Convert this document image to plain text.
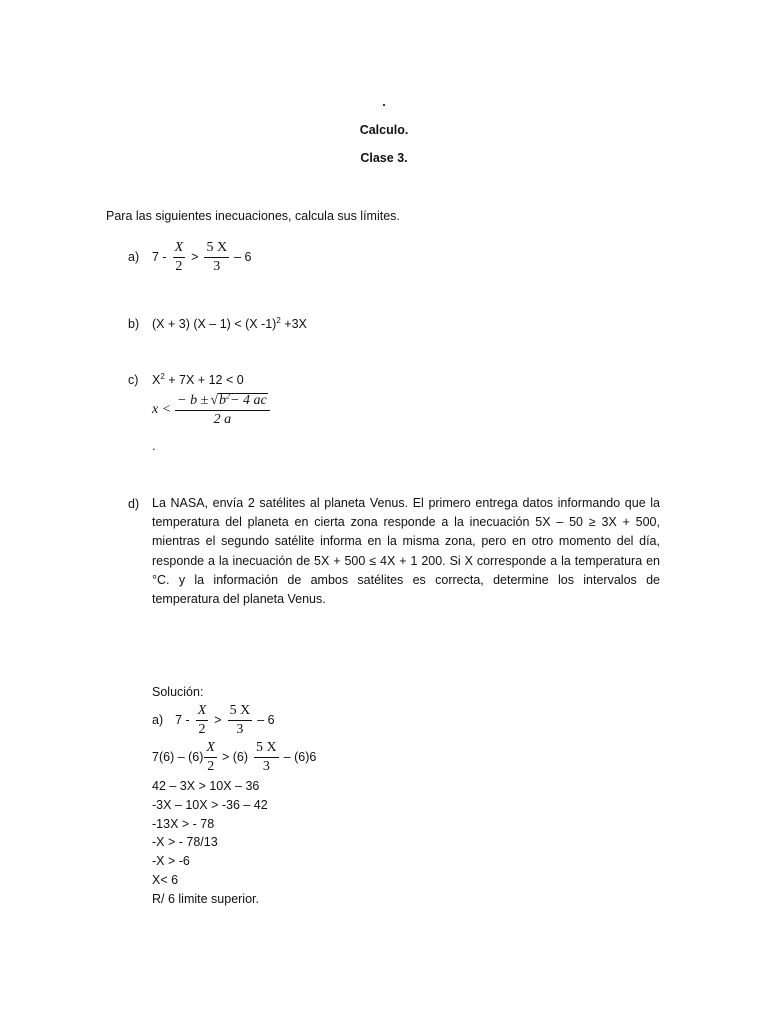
.
Calculo.
Clase 3.
Para las siguientes inecuaciones, calcula sus límites.
a) $7 - \frac{X}{2} > \frac{5 X}{3} - 6$
b) (X + 3) (X – 1) < (X -1)$^2$ +3X
c) $X^2 + 7X + 12 < 0$
$x < \frac{- b \pm √ b^2- 4 ac}{2 a}$
.
d) La NASA, envía 2 satélites al planeta Venus. El primero entrega datos informando que la temperatura del planeta en cierta zona responde a la inecuación 5X – 50 ≥ 3X + 500, mientras el segundo satélite informa en la misma zona, pero en otro momento del día, responde a la inecuación de 5X + 500 ≤ 4X + 1 200. Si X corresponde a la temperatura en °C. y la información de ambos satélites es correcta, determine los intervalos de temperatura del planeta Venus.
Solución:
a) $7 - \frac{X}{2} > \frac{5 X}{3} - 6$
$7(6) - (6) \frac{X}{2} > (6) \frac{5 X}{3} - (6)6$
42 – 3X > 10X – 36
-3X – 10X > -36 – 42
-13X > - 78
-X > - 78/13
-X > -6
X< 6
R/ 6 limite superior.
